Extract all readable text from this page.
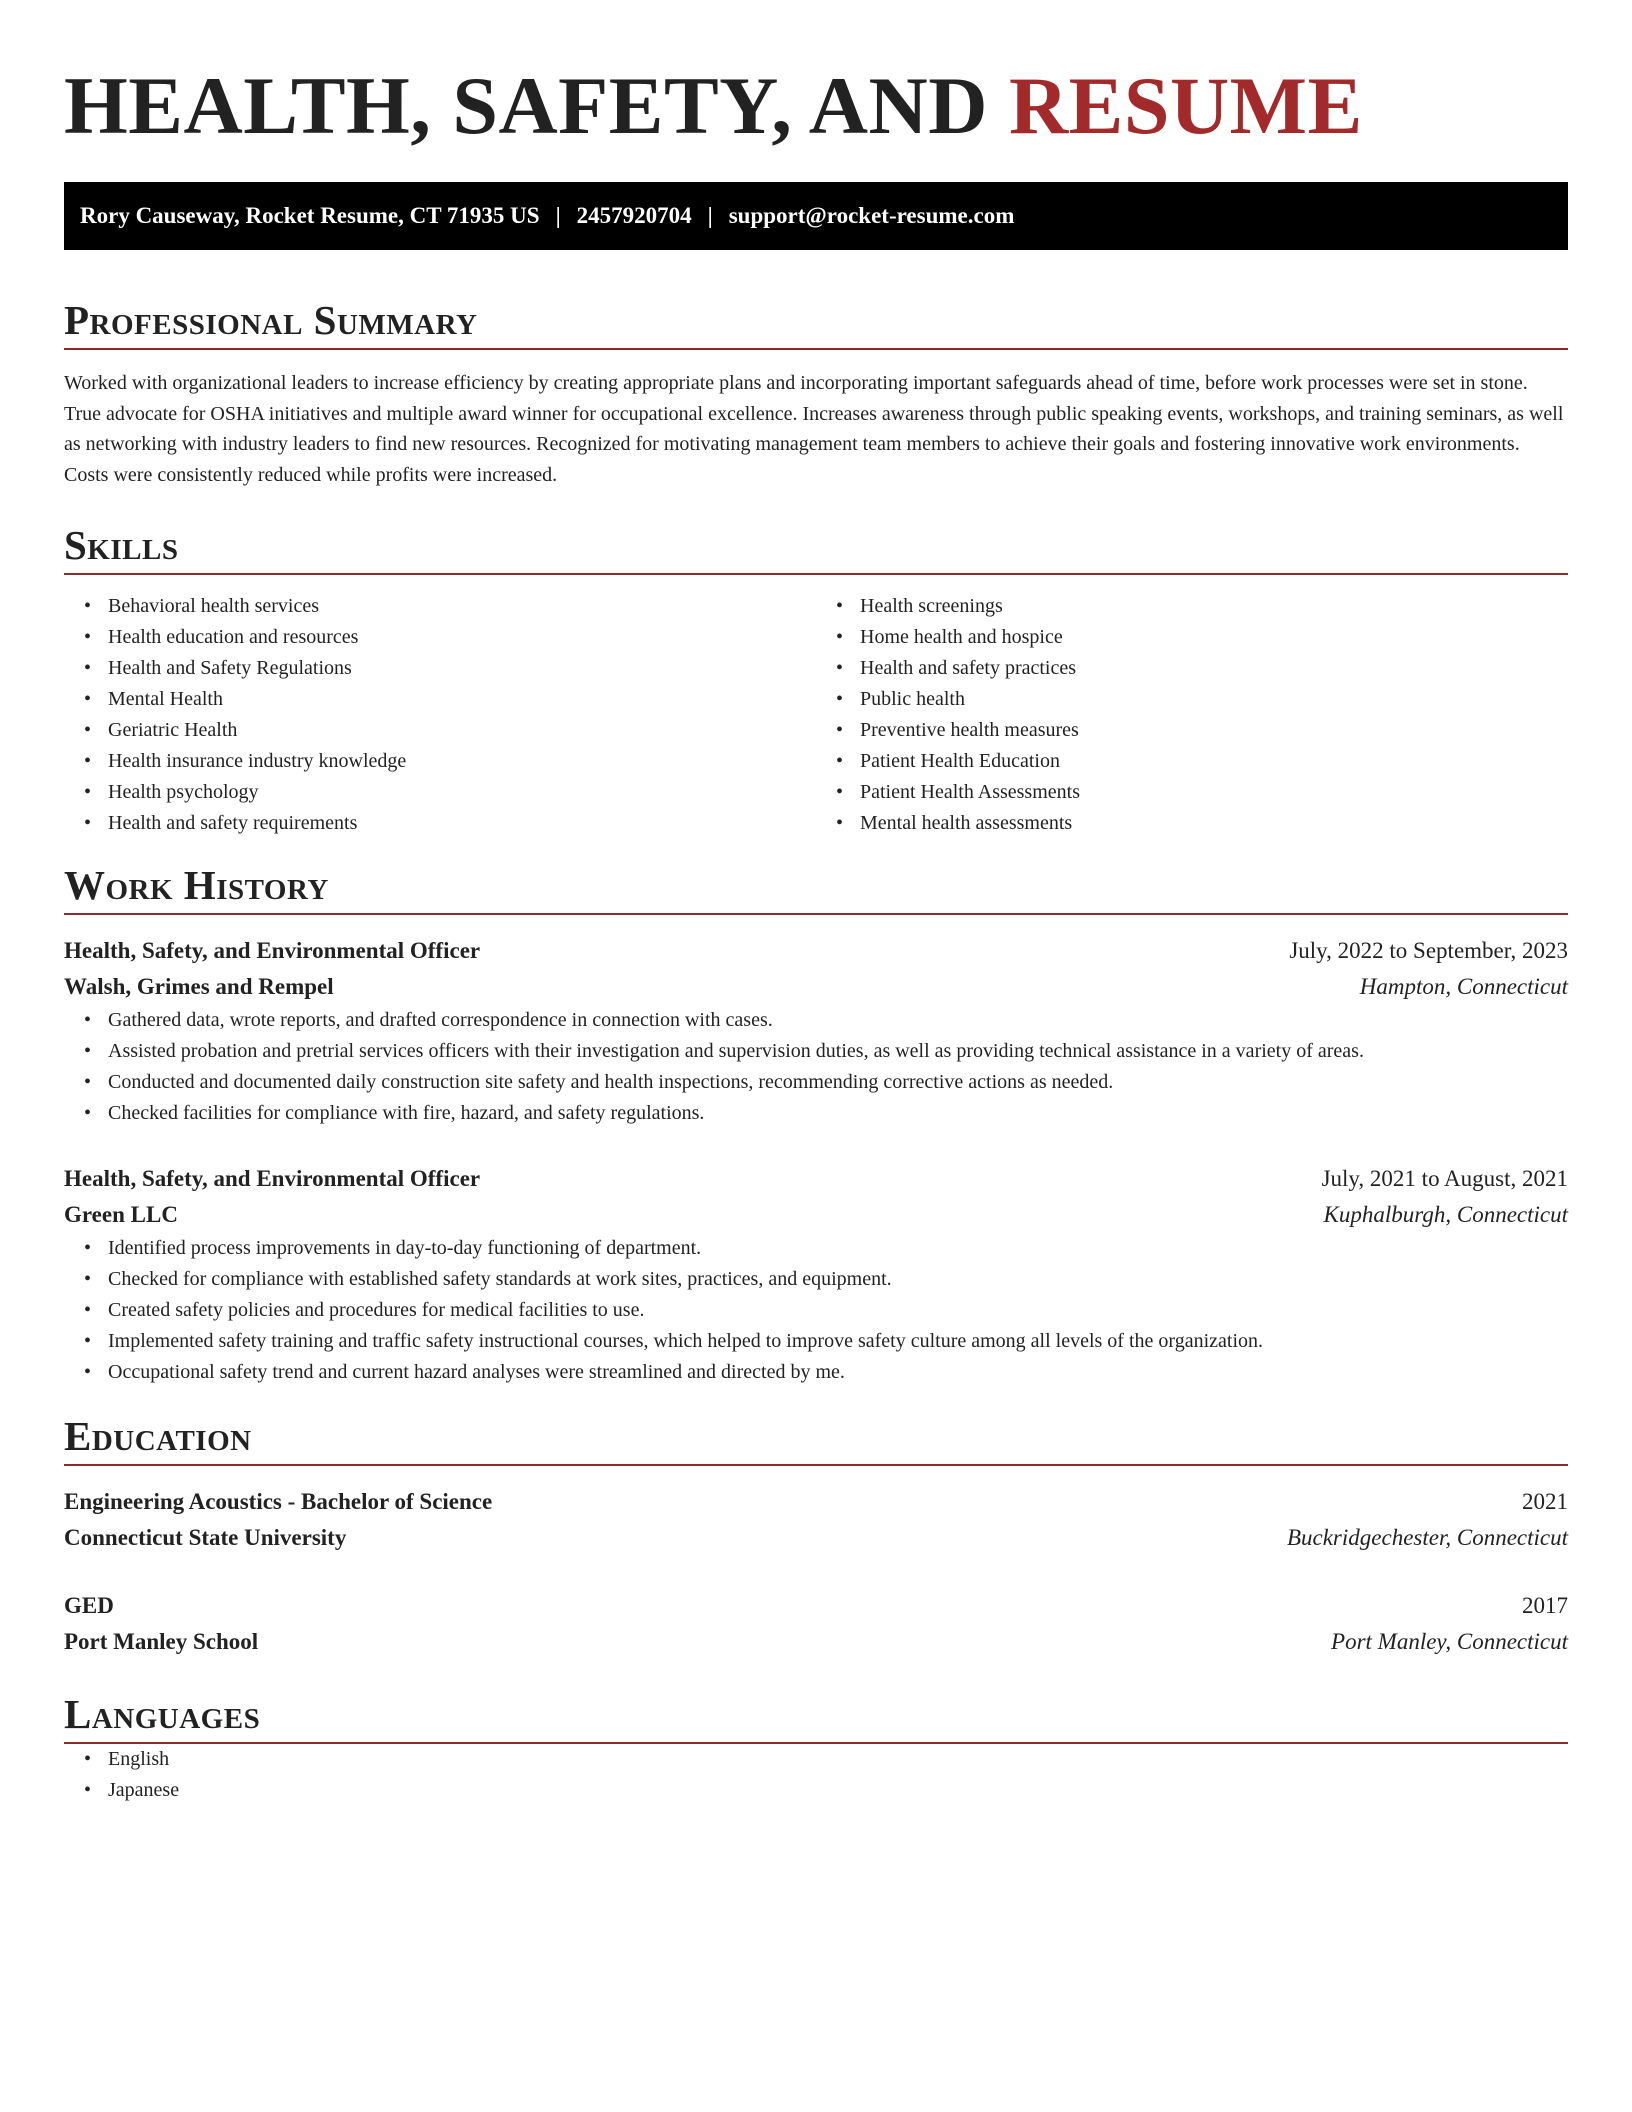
HEALTH, SAFETY, AND RESUME
Rory Causeway, Rocket Resume, CT 71935 US | 2457920704 | support@rocket-resume.com
Professional Summary

Worked with organizational leaders to increase efficiency by creating appropriate plans and incorporating important safeguards ahead of time, before work processes were set in stone. True advocate for OSHA initiatives and multiple award winner for occupational excellence. Increases awareness through public speaking events, workshops, and training seminars, as well as networking with industry leaders to find new resources. Recognized for motivating management team members to achieve their goals and fostering innovative work environments. Costs were consistently reduced while profits were increased.

Skills
• Behavioral health services
• Health education and resources
• Health and Safety Regulations
• Mental Health
• Geriatric Health
• Health insurance industry knowledge
• Health psychology
• Health and safety requirements
• Health screenings
• Home health and hospice
• Health and safety practices
• Public health
• Preventive health measures
• Patient Health Education
• Patient Health Assessments
• Mental health assessments
Work History
Health, Safety, and Environmental Officer	July, 2022 to September, 2023
Walsh, Grimes and Rempel	Hampton, Connecticut
• Gathered data, wrote reports, and drafted correspondence in connection with cases.
• Assisted probation and pretrial services officers with their investigation and supervision duties, as well as providing technical assistance in a variety of areas.
• Conducted and documented daily construction site safety and health inspections, recommending corrective actions as needed.
• Checked facilities for compliance with fire, hazard, and safety regulations.
Health, Safety, and Environmental Officer	July, 2021 to August, 2021
Green LLC	Kuphalburgh, Connecticut
• Identified process improvements in day-to-day functioning of department.
• Checked for compliance with established safety standards at work sites, practices, and equipment.
• Created safety policies and procedures for medical facilities to use.
• Implemented safety training and traffic safety instructional courses, which helped to improve safety culture among all levels of the organization.
• Occupational safety trend and current hazard analyses were streamlined and directed by me.
Education
Engineering Acoustics - Bachelor of Science	2021
Connecticut State University	Buckridgechester, Connecticut
GED	2017
Port Manley School	Port Manley, Connecticut
Languages
• English
• Japanese
